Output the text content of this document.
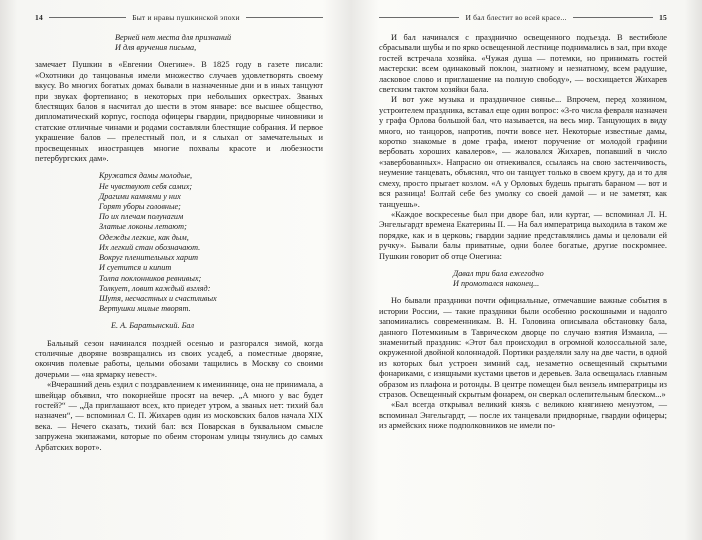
14	Быт и нравы пушкинской эпохи
Верней нет места для признаний
И для вручения письма,

замечает Пушкин в «Евгении Онегине». В 1825 году в газете писали: «Охотники до танцованья имели множество случаев удовлетворять своему вкусу. Во многих богатых домах бывали в назначенные дни и в иных танцуют при звуках фортепиано; в некоторых при небольших оркестрах. Званых блестящих балов я насчитал до шести в этом январе: все высшее общество, дипломатический корпус, господа офицеры гвардии, придворные чиновники и статские отличные чинами и родами составляли блестящие собрания. И первое украшение балов — прелестный пол, и я слыхал от замечательных и просвещенных иностранцев многие похвалы красоте и любезности петербургских дам».

Кружатся дамы молодые,
Не чувствуют себя самих;
Драгими камнями у них
Горят уборы головные;
По их плечам полунагим
Златые локоны летают;
Одежды легкие, как дым,
Их легкий стан обозначают.
Вокруг пленительных харит
И суетится и кипит
Толпа поклонников ревнивых;
Толкует, ловит каждый взгляд:
Шутя, несчастных и счастливых
Вертушки милые творят.
Е. А. Баратынский. Бал

Бальный сезон начинался поздней осенью и разгорался зимой, когда столичные дворяне возвращались из своих усадеб, а поместные дворяне, окончив полевые работы, целыми обозами тащились в Москву со своими дочерьми — «на ярмарку невест».

«Вчерашний день ездил с поздравлением к имениннице, она не принимала, а швейцар объявил, что покорнейше просят на вечер. „А много у вас будет гостей?“ — „Да приглашают всех, кто приедет утром, а званых нет: тихий бал назначен“, — вспоминал С. П. Жихарев один из московских балов начала XIX века. — Нечего сказать, тихий бал: вся Поварская в буквальном смысле запружена экипажами, которые по обеим сторонам улицы тянулись до самых Арбатских ворот».

И бал блестит во всей красе...	15

И бал начинался с празднично освещенного подъезда. В вестибюле сбрасывали шубы и по ярко освещенной лестнице поднимались в зал, при входе гостей встречала хозяйка. «Чужая душа — потемки, но принимать гостей мастерски: всем одинаковый поклон, знатному и незнатному, всем радушие, ласковое слово и приглашение на полную свободу», — восхищается Жихарев светским тактом хозяйки бала.

И вот уже музыка и праздничное сиянье... Впрочем, перед хозяином, устроителем праздника, вставал еще один вопрос: «3-го числа февраля назначен у графа Орлова большой бал, что называется, на весь мир. Танцующих в виду много, но танцоров, напротив, почти вовсе нет. Некоторые известные дамы, коротко знакомые в доме графа, имеют поручение от молодой графини вербовать хороших кавалеров», — жаловался Жихарев, попавший в число «завербованных». Напрасно он отнекивался, ссылаясь на свою застенчивость, неумение танцевать, объяснял, что он танцует только в своем кругу, да и то для смеху, просто прыгает козлом. «А у Орловых будешь прыгать бараном — вот и вся разница! Болтай себе без умолку со своей дамой — и не заметят, как танцуешь».

«Каждое воскресенье был при дворе бал, или куртаг, — вспоминал Л. Н. Энгельгардт времена Екатерины II. — На бал императрица выходила в таком же порядке, как и в церковь; гвардии задние представлялись дамы и целовали ей ручку». Бывали балы приватные, одни более богатые, другие поскромнее. Пушкин говорит об отце Онегина:

Давал три бала ежегодно
И промотался наконец...

Но бывали праздники почти официальные, отмечавшие важные события в истории России, — такие праздники были особенно роскошными и надолго запоминались современникам. В. Н. Головина описывала обстановку бала, данного Потемкиным в Таврическом дворце по случаю взятия Измаила, — знаменитый праздник: «Этот бал происходил в огромной колоссальной зале, окруженной двойной колоннадой. Портики разделяли залу на две части, в одной из которых был устроен зимний сад, незаметно освещенный скрытыми фонариками, с изящными кустами цветов и деревьев. Зала освещалась главным образом из плафона и ротонды. В центре помещен был вензель императрицы из стразов. Освещенный скрытым фонарем, он сверкал ослепительным блеском...»

«Бал всегда открывал великий князь с великою княгинею менуэтом, — вспоминал Энгельгардт, — после их танцевали придворные, гвардии офицеры; из армейских ниже подполковников не имели по-
